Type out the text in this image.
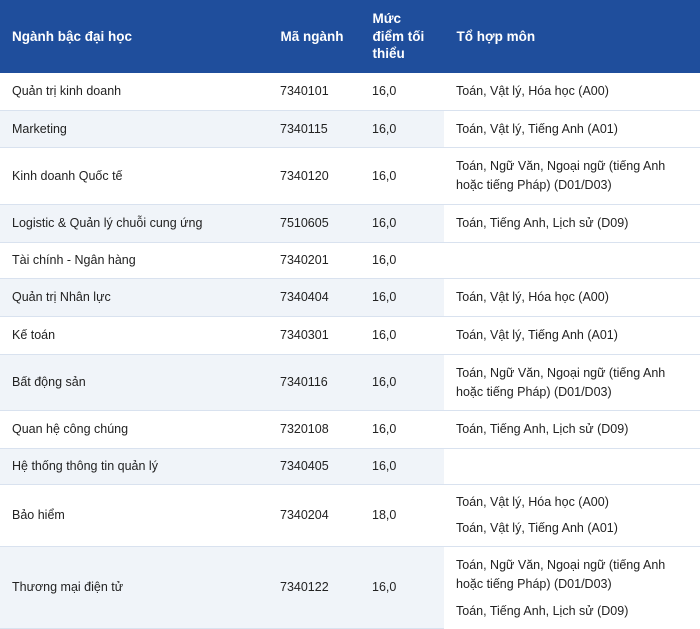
Ngành bậc đại học	Mã ngành	Mức điểm tối thiểu	Tổ hợp môn
Quản trị kinh doanh	7340101	16,0	Toán, Vật lý, Hóa học (A00)

Marketing	7340115	16,0	Toán, Vật lý, Tiếng Anh (A01)

Kinh doanh Quốc tế	7340120	16,0	Toán, Ngữ Văn, Ngoại ngữ (tiếng Anh
hoặc tiếng Pháp) (D01/D03)

Logistic & Quản lý chuỗi cung ứng	7510605	16,0	Toán, Tiếng Anh, Lịch sử (D09)

Tài chính - Ngân hàng	7340201	16,0	
Quản trị Nhân lực	7340404	16,0	Toán, Vật lý, Hóa học (A00)

Kế toán	7340301	16,0	Toán, Vật lý, Tiếng Anh (A01)

Bất động sản	7340116	16,0	Toán, Ngữ Văn, Ngoại ngữ (tiếng Anh
hoặc tiếng Pháp) (D01/D03)

Quan hệ công chúng	7320108	16,0	Toán, Tiếng Anh, Lịch sử (D09)

Hệ thống thông tin quản lý	7340405	16,0	
Bảo hiểm	7340204	18,0	Toán, Vật lý, Hóa học (A00)
Toán, Vật lý, Tiếng Anh (A01)

Thương mại điện tử	7340122	16,0	Toán, Ngữ Văn, Ngoại ngữ (tiếng Anh
hoặc tiếng Pháp) (D01/D03)
Toán, Tiếng Anh, Lịch sử (D09)
